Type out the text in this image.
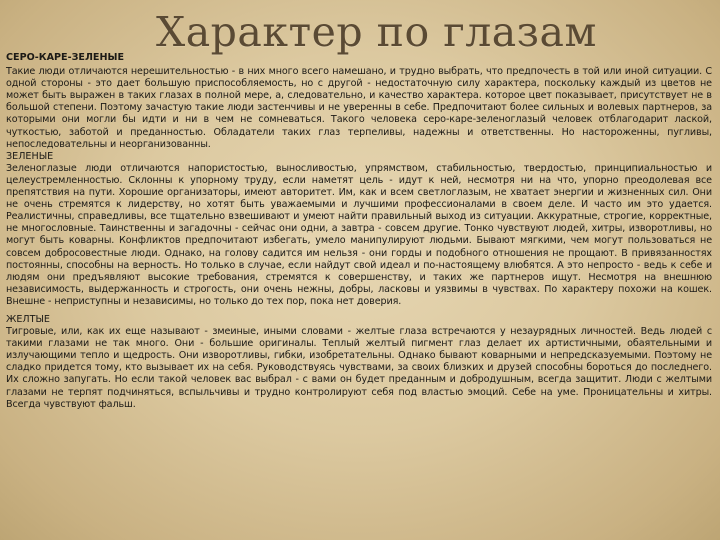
Характер по глазам
СЕРО-КАРЕ-ЗЕЛЕНЫЕ

Такие люди отличаются нерешительностью - в них много всего намешано, и трудно выбрать, что предпочесть в той или иной ситуации. С одной стороны - это дает большую приспособляемость, но с другой - недостаточную силу характера, поскольку каждый из цветов не может быть выражен в таких глазах в полной мере, а, следовательно, и качество характера. которое цвет показывает, присутствует не в большой степени. Поэтому зачастую такие люди застенчивы и не уверенны в себе. Предпочитают более сильных и волевых партнеров, за которыми они могли бы идти и ни в чем не сомневаться. Такого человека серо-каре-зеленоглазый человек отблагодарит лаской, чуткостью, заботой и преданностью. Обладатели таких глаз терпеливы, надежны и ответственны. Но настороженны, пугливы, непоследовательны и неорганизованны.

ЗЕЛЕНЫЕ

Зеленоглазые люди отличаются напористостью, выносливостью, упрямством, стабильностью, твердостью, принципиальностью и целеустремленностью. Склонны к упорному труду, если наметят цель - идут к ней, несмотря ни на что, упорно преодолевая все препятствия на пути. Хорошие организаторы, имеют авторитет. Им, как и всем светлоглазым, не хватает энергии и жизненных сил. Они не очень стремятся к лидерству, но хотят быть уважаемыми и лучшими профессионалами в своем деле. И часто им это удается. Реалистичны, справедливы, все тщательно взвешивают и умеют найти правильный выход из ситуации. Аккуратные, строгие, корректные, не многословные. Таинственны и загадочны - сейчас они одни, а завтра - совсем другие. Тонко чувствуют людей, хитры, изворотливы, но могут быть коварны. Конфликтов предпочитают избегать, умело манипулируют людьми. Бывают мягкими, чем могут пользоваться не совсем добросовестные люди. Однако, на голову садится им нельзя - они горды и подобного отношения не прощают. В привязанностях постоянны, способны на верность. Но только в случае, если найдут свой идеал и по-настоящему влюбятся. А это непросто - ведь к себе и людям они предъявляют высокие требования, стремятся к совершенству, и таких же партнеров ищут. Несмотря на внешнюю независимость, выдержанность и строгость, они очень нежны, добры, ласковы и уязвимы в чувствах. По характеру похожи на кошек. Внешне - неприступны и независимы, но только до тех пор, пока нет доверия.

ЖЕЛТЫЕ

Тигровые, или, как их еще называют - змеиные, иными словами - желтые глаза встречаются у незаурядных личностей. Ведь людей с такими глазами не так много. Они - большие оригиналы. Теплый желтый пигмент глаз делает их артистичными, обаятельными и излучающими тепло и щедрость. Они изворотливы, гибки, изобретательны. Однако бывают коварными и непредсказуемыми. Поэтому не сладко придется тому, кто вызывает их на себя. Руководствуясь чувствами, за своих близких и друзей способны бороться до последнего. Их сложно запугать. Но если такой человек вас выбрал - с вами он будет преданным и добродушным, всегда защитит. Люди с желтыми глазами не терпят подчиняться, вспыльчивы и трудно контролируют себя под властью эмоций. Себе на уме. Проницательны и хитры. Всегда чувствуют фальш.
